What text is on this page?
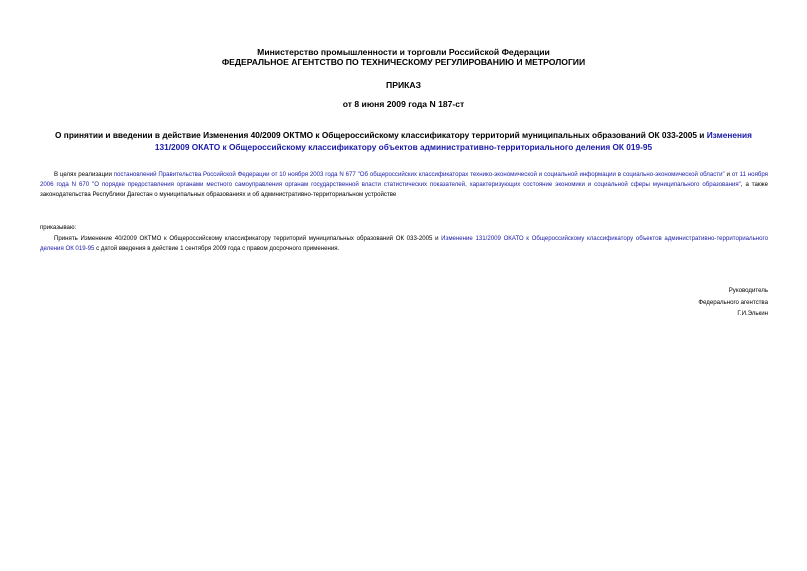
Министерство промышленности и торговли Российской Федерации
ФЕДЕРАЛЬНОЕ АГЕНТСТВО ПО ТЕХНИЧЕСКОМУ РЕГУЛИРОВАНИЮ И МЕТРОЛОГИИ
ПРИКАЗ
от 8 июня 2009 года N 187-ст
О принятии и введении в действие Изменения 40/2009 ОКТМО к Общероссийскому классификатору территорий муниципальных образований ОК 033-2005 и Изменения 131/2009 ОКАТО к Общероссийскому классификатору объектов административно-территориального деления ОК 019-95
В целях реализации постановлений Правительства Российской Федерации от 10 ноября 2003 года N 677 "Об общероссийских классификаторах технико-экономической и социальной информации в социально-экономической области" и от 11 ноября 2006 года N 670 "О порядке предоставления органами местного самоуправления органам государственной власти статистических показателей, характеризующих состояние экономики и социальной сферы муниципального образования", а также законодательства Республики Дагестан о муниципальных образованиях и об административно-территориальном устройстве
приказываю:
Принять Изменение 40/2009 ОКТМО к Общероссийскому классификатору территорий муниципальных образований ОК 033-2005 и Изменение 131/2009 ОКАТО к Общероссийскому классификатору объектов административно-территориального деления ОК 019-95 с датой введения в действие 1 сентября 2009 года с правом досрочного применения.
Руководитель
Федерального агентства
Г.И.Элькин
